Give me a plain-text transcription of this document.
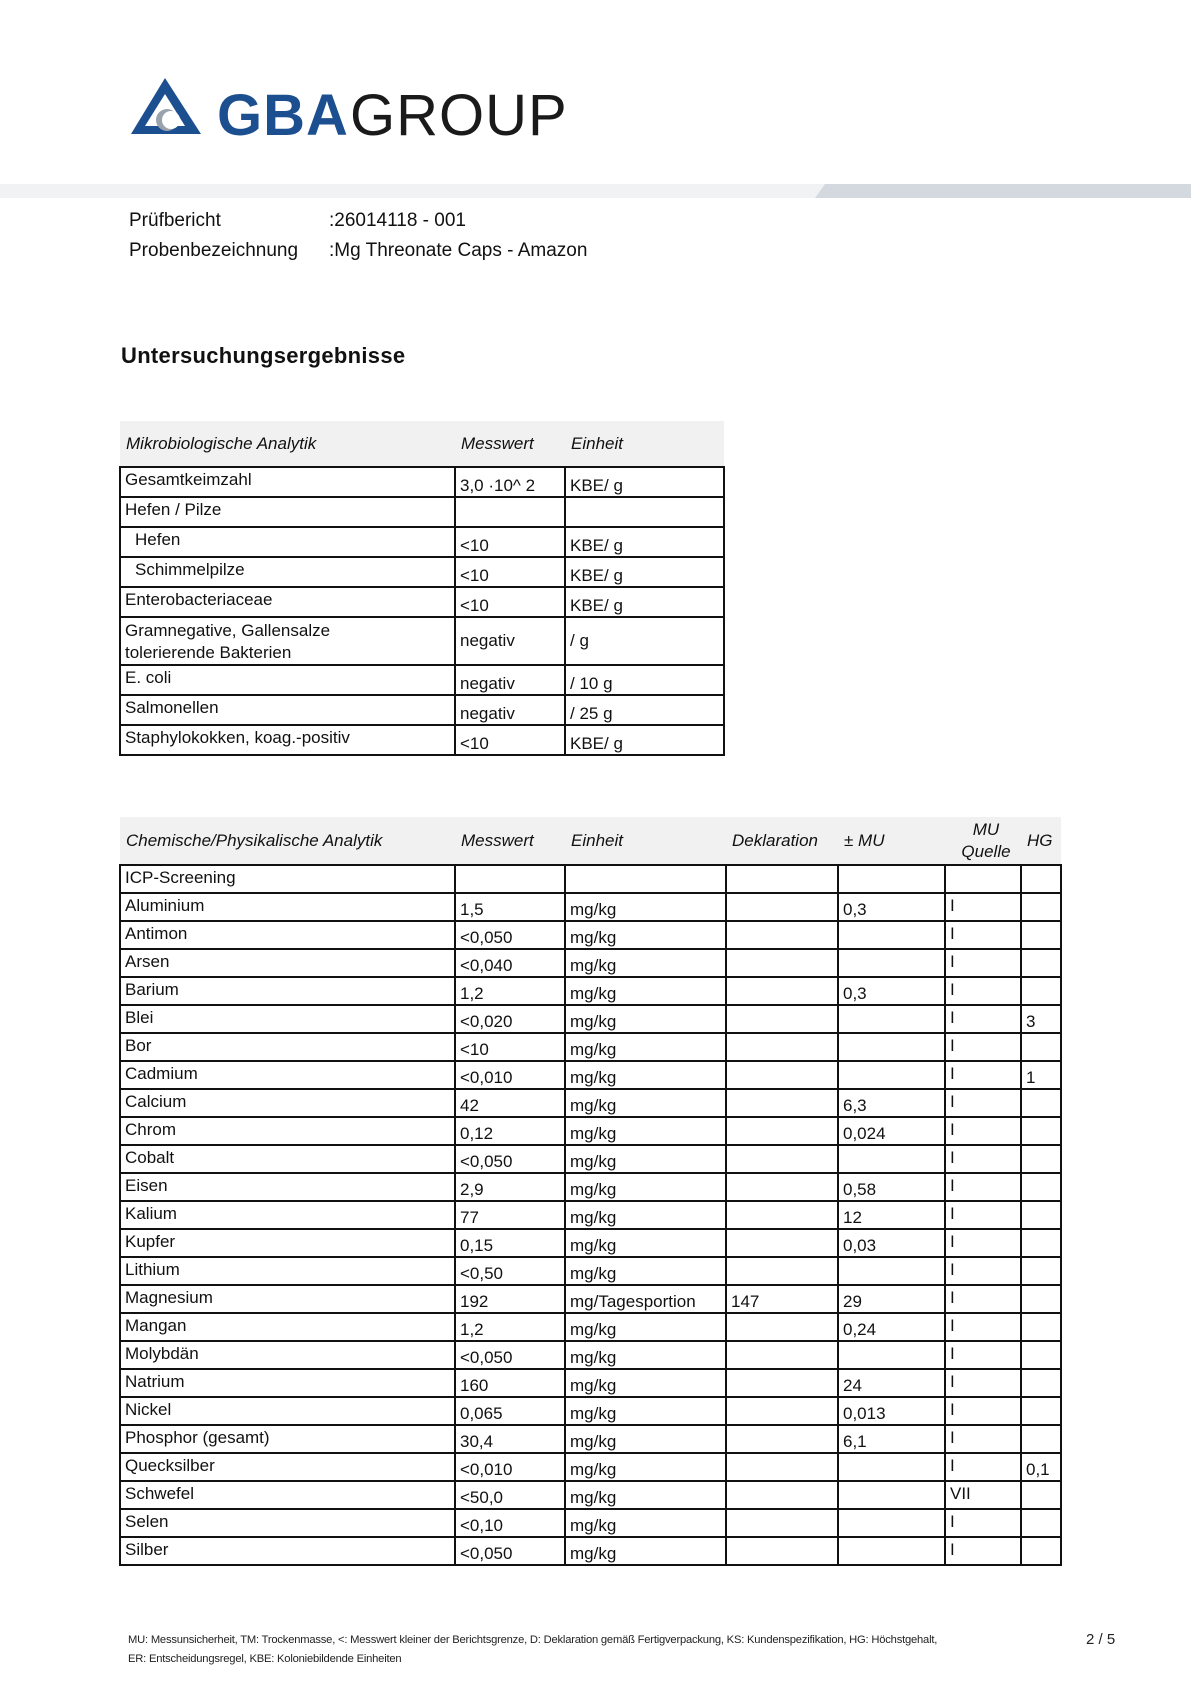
GBA GROUP
Prüfbericht	:26014118 - 001
Probenbezeichnung :Mg Threonate Caps - Amazon
Untersuchungsergebnisse
Mikrobiologische Analytik	Messwert	Einheit
Gesamtkeimzahl	3,0 ·10^ 2	KBE/ g
Hefen / Pilze		
Hefen	<10	KBE/ g
Schimmelpilze	<10	KBE/ g
Enterobacteriaceae	<10	KBE/ g
Gramnegative, Gallensalze
tolerierende Bakterien	negativ	/ g
E. coli	negativ	/ 10 g
Salmonellen	negativ	/ 25 g
Staphylokokken, koag.-positiv	<10	KBE/ g
Chemische/Physikalische Analytik	Messwert	Einheit	Deklaration	± MU	MU
Quelle	HG
ICP-Screening						
Aluminium	1,5	mg/kg		0,3	I	
Antimon	<0,050	mg/kg			I	
Arsen	<0,040	mg/kg			I	
Barium	1,2	mg/kg		0,3	I	
Blei	<0,020	mg/kg			I	3
Bor	<10	mg/kg			I	
Cadmium	<0,010	mg/kg			I	1
Calcium	42	mg/kg		6,3	I	
Chrom	0,12	mg/kg		0,024	I	
Cobalt	<0,050	mg/kg			I	
Eisen	2,9	mg/kg		0,58	I	
Kalium	77	mg/kg		12	I	
Kupfer	0,15	mg/kg		0,03	I	
Lithium	<0,50	mg/kg			I	
Magnesium	192	mg/Tagesportion	147	29	I	
Mangan	1,2	mg/kg		0,24	I	
Molybdän	<0,050	mg/kg			I	
Natrium	160	mg/kg		24	I	
Nickel	0,065	mg/kg		0,013	I	
Phosphor (gesamt)	30,4	mg/kg		6,1	I	
Quecksilber	<0,010	mg/kg			I	0,1
Schwefel	<50,0	mg/kg			VII	
Selen	<0,10	mg/kg			I	
Silber	<0,050	mg/kg			I	
MU: Messunsicherheit, TM: Trockenmasse, <: Messwert kleiner der Berichtsgrenze, D: Deklaration gemäß Fertigverpackung, KS: Kundenspezifikation, HG: Höchstgehalt,
ER: Entscheidungsregel, KBE: Koloniebildende Einheiten
2 / 5
